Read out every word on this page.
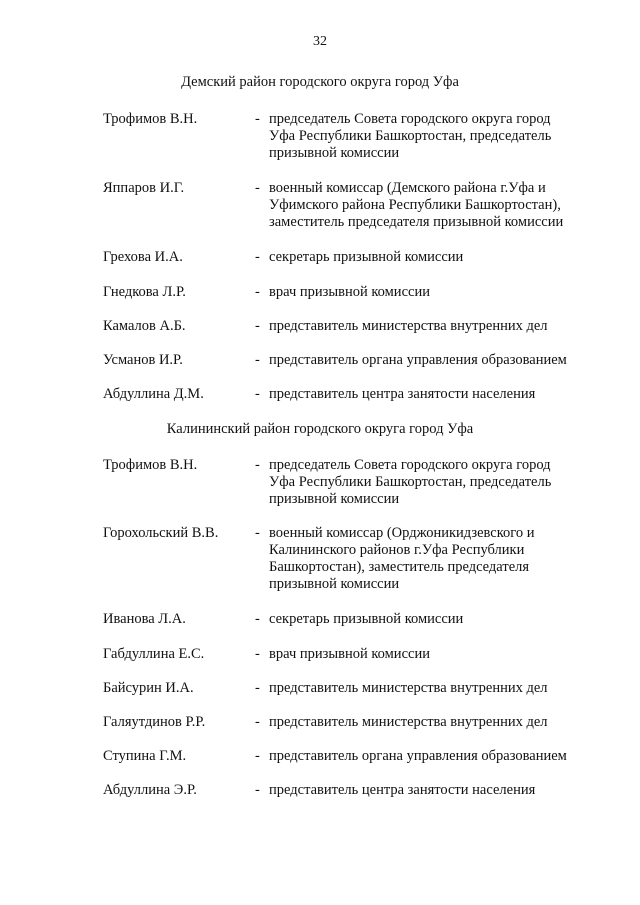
32
Демский район городского округа город Уфа
Трофимов В.Н.	- председатель Совета городского округа город
Уфа Республики Башкортостан, председатель
призывной комиссии
Яппаров И.Г.	- военный комиссар (Демского района г.Уфа и
Уфимского района Республики Башкортостан),
заместитель председателя призывной комиссии
Грехова И.А.	- секретарь призывной комиссии
Гнедкова Л.Р.	- врач призывной комиссии
Камалов А.Б.	- представитель министерства внутренних дел
Усманов И.Р.	- представитель органа управления образованием
Абдуллина Д.М.	- представитель центра занятости населения
Калининский район городского округа город Уфа
Трофимов В.Н.	- председатель Совета городского округа город
Уфа Республики Башкортостан, председатель
призывной комиссии
Горохольский В.В.	- военный комиссар (Орджоникидзевского и
Калининского районов г.Уфа Республики
Башкортостан), заместитель председателя
призывной комиссии
Иванова Л.А.	- секретарь призывной комиссии
Габдуллина Е.С.	- врач призывной комиссии
Байсурин И.А.	- представитель министерства внутренних дел
Галяутдинов Р.Р.	- представитель министерства внутренних дел
Ступина Г.М.	- представитель органа управления образованием
Абдуллина Э.Р.	- представитель центра занятости населения
